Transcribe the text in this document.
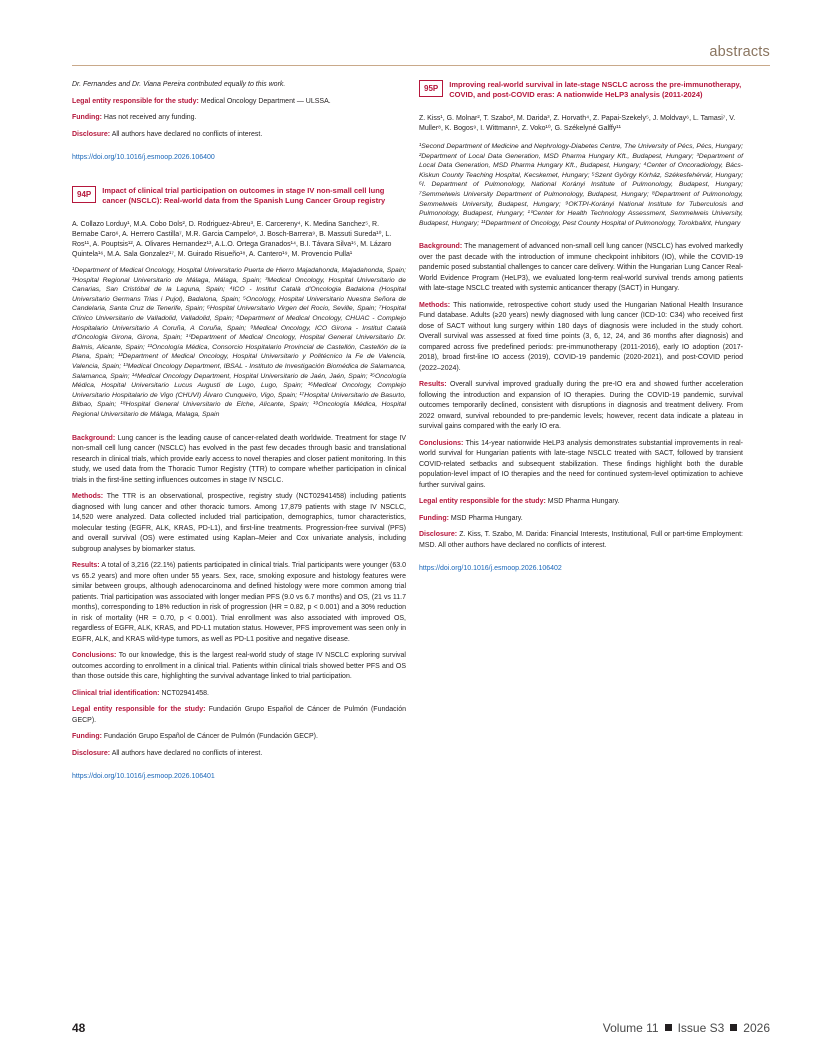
abstracts

Dr. Fernandes and Dr. Viana Pereira contributed equally to this work.

Legal entity responsible for the study: Medical Oncology Department — ULSSA.

Funding: Has not received any funding.

Disclosure: All authors have declared no conflicts of interest.

https://doi.org/10.1016/j.esmoop.2026.106400
94P	Impact of clinical trial participation on outcomes in stage IV non-small cell lung cancer (NSCLC): Real-world data from the Spanish Lung Cancer Group registry

A. Collazo Lorduy¹, M.A. Cobo Dols², D. Rodriguez-Abreu³, E. Carcereny⁴, K. Medina Sanchez⁵, R. Bernabe Caro⁶, A. Herrero Castilla⁷, M.R. Garcia Campelo⁸, J. Bosch-Barrera⁹, B. Massuti Sureda¹⁰, L. Ros¹¹, A. Pouptsis¹², A. Olivares Hernandez¹³, A.L.O. Ortega Granados¹⁴, B.I. Távara Silva¹⁵, M. Lázaro Quintela¹⁶, M.A. Sala Gonzalez¹⁷, M. Guirado Risueño¹⁸, A. Cantero¹⁹, M. Provencio Pulla¹

¹Department of Medical Oncology, Hospital Universitario Puerta de Hierro Majadahonda, Majadahonda, Spain; ²Hospital Regional Universitario de Málaga, Málaga, Spain; ³Medical Oncology, Hospital Universitario de Canarias, San Cristóbal de la Laguna, Spain; ⁴ICO - Institut Català d'Oncologia Badalona (Hospital Universitario Germans Trias i Pujol), Badalona, Spain; ⁵Oncology, Hospital Universitario Nuestra Señora de Candelaria, Santa Cruz de Tenerife, Spain; ⁶Hospital Universitario Virgen del Rocio, Seville, Spain; ⁷Hospital Clínico Universitario de Valladolid, Valladolid, Spain; ⁸Department of Medical Oncology, CHUAC - Complejo Hospitalario Universitario A Coruña, A Coruña, Spain; ⁹Medical Oncology, ICO Girona - Institut Català d'Oncologia Girona, Girona, Spain; ¹⁰Department of Medical Oncology, Hospital General Universitario Dr. Balmis, Alicante, Spain; ¹¹Oncología Médica, Consorcio Hospitalario Provincial de Castellón, Castellón de la Plana, Spain; ¹²Department of Medical Oncology, Hospital Universitario y Politécnico la Fe de Valencia, Valencia, Spain; ¹³Medical Oncology Department, IBSAL - Instituto de Investigación Biomédica de Salamanca, Salamanca, Spain; ¹⁴Medical Oncology Department, Hospital Universitario de Jaén, Jaén, Spain; ¹⁵Oncología Médica, Hospital Universitario Lucus Augusti de Lugo, Lugo, Spain; ¹⁶Medical Oncology, Complejo Universitario Hospitalario de Vigo (CHUVI) Álvaro Cunqueiro, Vigo, Spain; ¹⁷Hospital Universitario de Basurto, Bilbao, Spain; ¹⁸Hospital General Universitario de Elche, Alicante, Spain; ¹⁹Oncología Médica, Hospital Regional Universitario de Málaga, Malaga, Spain

Background: Lung cancer is the leading cause of cancer-related death worldwide. Treatment for stage IV non-small cell lung cancer (NSCLC) has evolved in the past few decades through basic and translational research in clinical trials, which provide early access to novel therapies and closer patient monitoring. In this study, we used data from the Thoracic Tumor Registry (TTR) to compare whether participation in clinical trials in the first-line setting influences outcomes in stage IV NSCLC.

Methods: The TTR is an observational, prospective, registry study (NCT02941458) including patients diagnosed with lung cancer and other thoracic tumors. Among 17,879 patients with stage IV NSCLC, 14,520 were analyzed. Data collected included trial participation, demographics, tumor characteristics, molecular testing (EGFR, ALK, KRAS, PD-L1), and first-line treatments. Progression-free survival (PFS) and overall survival (OS) were estimated using Kaplan–Meier and Cox univariate analysis, including subgroup analyses by biomarker status.

Results: A total of 3,216 (22.1%) patients participated in clinical trials. Trial participants were younger (63.0 vs 65.2 years) and more often under 55 years. Sex, race, smoking exposure and histology features were similar between groups, although adenocarcinoma and defined histology were more common among trial patients. Trial participation was associated with longer median PFS (9.0 vs 6.7 months) and OS, (21 vs 11.7 months), corresponding to 18% reduction in risk of progression (HR = 0.82, p < 0.001) and a 30% reduction in risk of mortality (HR = 0.70, p < 0.001). Trial enrollment was also associated with improved OS, regardless of EGFR, ALK, KRAS, and PD-L1 mutation status. However, PFS improvement was seen only in EGFR, ALK, and KRAS wild-type tumors, as well as PD-L1 positive and negative disease.

Conclusions: To our knowledge, this is the largest real-world study of stage IV NSCLC exploring survival outcomes according to enrollment in a clinical trial. Patients within clinical trials showed better PFS and OS than those outside this care, highlighting the survival advantage linked to trial participation.

Clinical trial identification: NCT02941458.

Legal entity responsible for the study: Fundación Grupo Español de Cáncer de Pulmón (Fundación GECP).

Funding: Fundación Grupo Español de Cáncer de Pulmón (Fundación GECP).

Disclosure: All authors have declared no conflicts of interest.

https://doi.org/10.1016/j.esmoop.2026.106401
95P	Improving real-world survival in late-stage NSCLC across the pre-immunotherapy, COVID, and post-COVID eras: A nationwide HeLP3 analysis (2011-2024)

Z. Kiss¹, G. Molnar², T. Szabo², M. Darida³, Z. Horvath⁴, Z. Papai-Szekely⁵, J. Moldvay⁶, L. Tamasi⁷, V. Muller⁸, K. Bogos⁹, I. Wittmann¹, Z. Voko¹⁰, G. Székelyné Galffy¹¹

¹Second Department of Medicine and Nephrology-Diabetes Centre, The University of Pécs, Pécs, Hungary; ²Department of Local Data Generation, MSD Pharma Hungary Kft., Budapest, Hungary; ³Department of Local Data Generation, MSD Pharma Hungary Kft., Budapest, Hungary; ⁴Center of Oncoradiology, Bács-Kiskun County Teaching Hospital, Kecskemet, Hungary; ⁵Szent György Kórház, Székesfehérvár, Hungary; ⁶I. Department of Pulmonology, National Korányi Institute of Pulmonology, Budapest, Hungary; ⁷Semmelweis University Department of Pulmonology, Budapest, Hungary; ⁸Department of Pulmonology, Semmelweis University, Budapest, Hungary; ⁹OKTPI-Korányi National Institute for Tuberculosis and Pulmonology, Budapest, Hungary; ¹⁰Center for Health Technology Assessment, Semmelweis University, Budapest, Hungary; ¹¹Department of Oncology, Pest County Hospital of Pulmonology, Torokbalint, Hungary

Background: The management of advanced non-small cell lung cancer (NSCLC) has evolved markedly over the past decade with the introduction of immune checkpoint inhibitors (IO), while the COVID-19 pandemic posed substantial challenges to cancer care delivery. Within the Hungarian Lung Cancer Real-World Evidence Program (HeLP3), we evaluated long-term real-world survival trends among patients with late-stage NSCLC treated with systemic anticancer therapy (SACT) in Hungary.

Methods: This nationwide, retrospective cohort study used the Hungarian National Health Insurance Fund database. Adults (≥20 years) newly diagnosed with lung cancer (ICD-10: C34) who received first dose of SACT without lung surgery within 180 days of diagnosis were included in the study cohort. Overall survival was assessed at fixed time points (3, 6, 12, 24, and 36 months after diagnosis) and compared across five predefined periods: pre-immunotherapy (2011-2016), early IO adoption (2017-2018), broad first-line IO access (2019), COVID-19 pandemic (2020-2021), and post-COVID period (2022–2024).

Results: Overall survival improved gradually during the pre-IO era and showed further acceleration following the introduction and expansion of IO therapies. During the COVID-19 pandemic, survival outcomes temporarily declined, consistent with disruptions in diagnosis and treatment delivery. From 2022 onward, survival rebounded to pre-pandemic levels; however, recent data indicate a plateau in survival gains compared with the early IO era.

Conclusions: This 14-year nationwide HeLP3 analysis demonstrates substantial improvements in real-world survival for Hungarian patients with late-stage NSCLC treated with SACT, followed by transient COVID-related setbacks and subsequent stabilization. These findings highlight both the durable population-level impact of IO therapies and the need for continued system-level optimization to achieve further survival gains.

Legal entity responsible for the study: MSD Pharma Hungary.

Funding: MSD Pharma Hungary.

Disclosure: Z. Kiss, T. Szabo, M. Darida: Financial Interests, Institutional, Full or part-time Employment: MSD. All other authors have declared no conflicts of interest.

https://doi.org/10.1016/j.esmoop.2026.106402
48	Volume 11 Issue S3 2026
